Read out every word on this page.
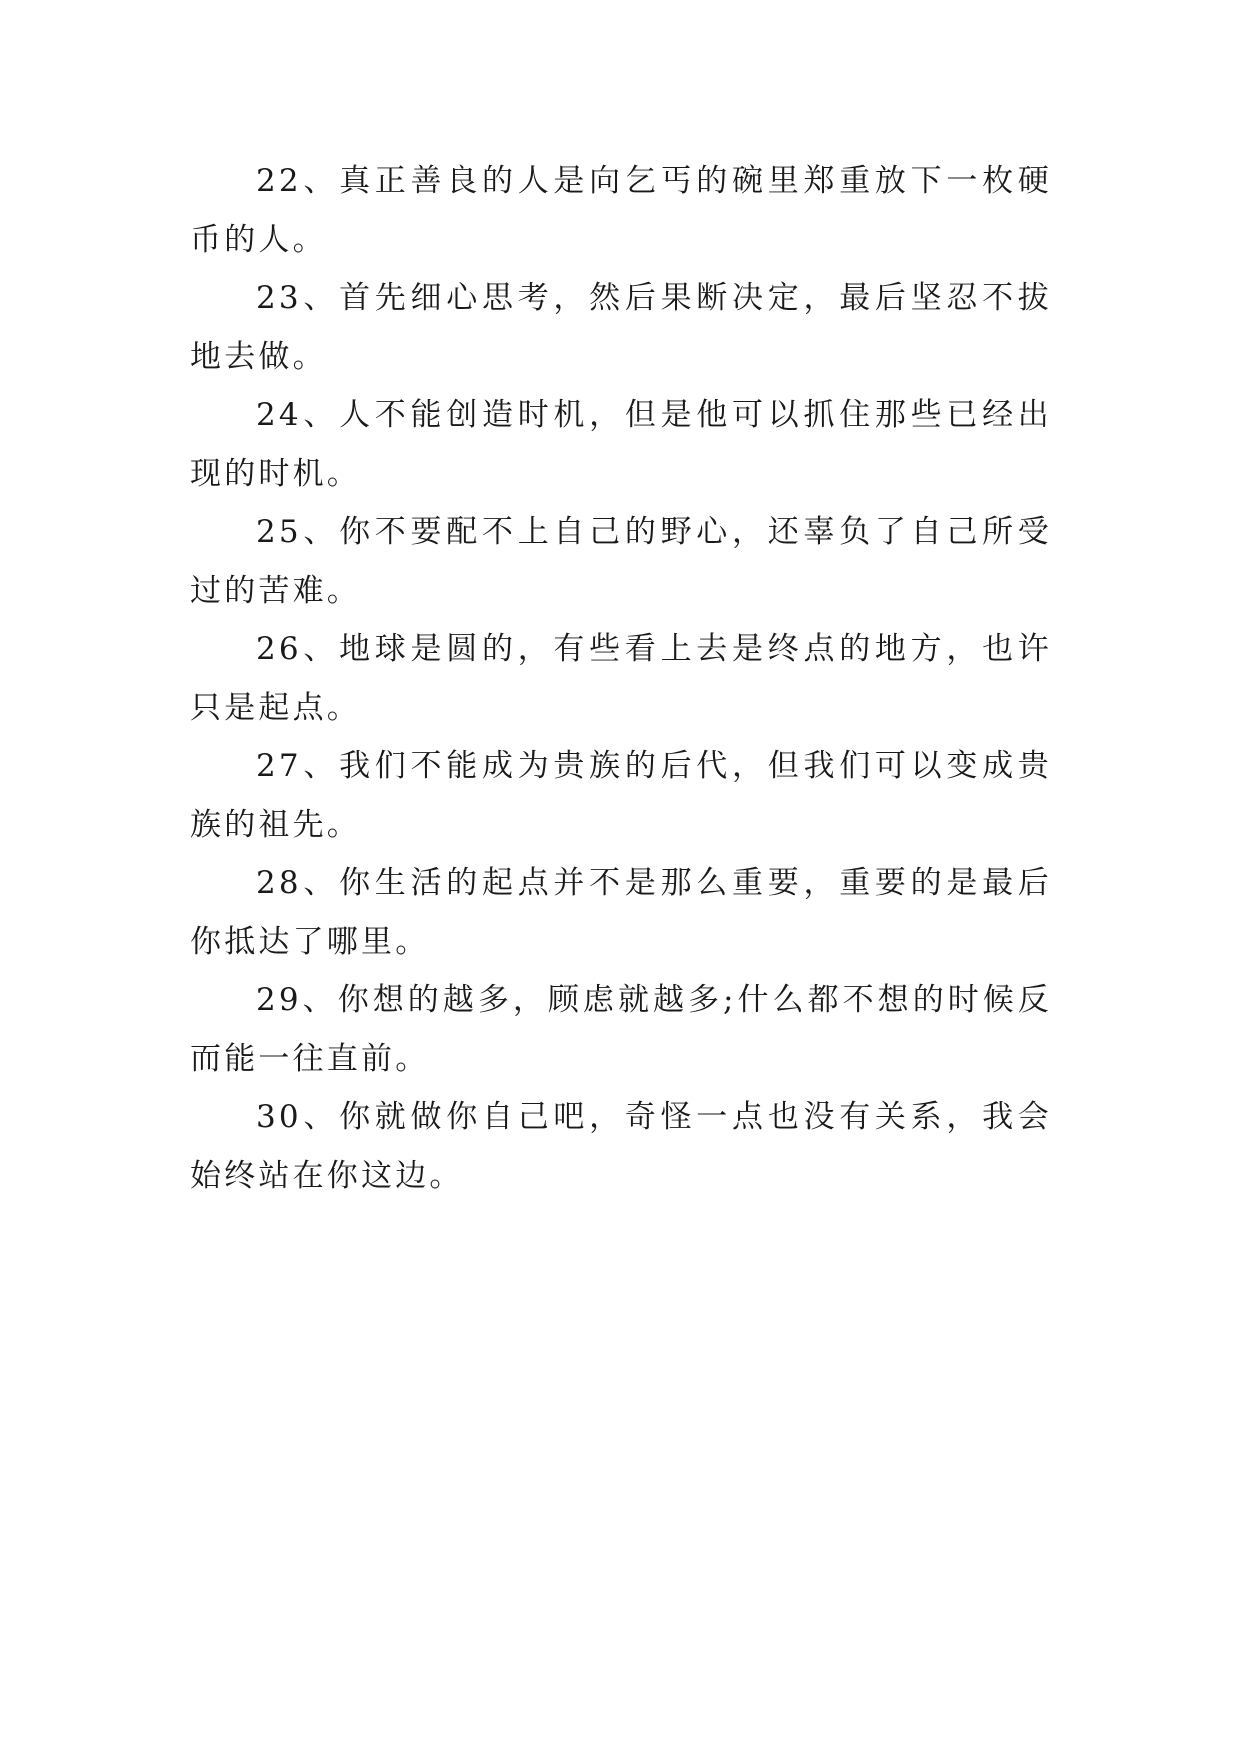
22、真正善良的人是向乞丐的碗里郑重放下一枚硬币的人。

23、首先细心思考，然后果断决定，最后坚忍不拔地去做。

24、人不能创造时机，但是他可以抓住那些已经出现的时机。

25、你不要配不上自己的野心，还辜负了自己所受过的苦难。

26、地球是圆的，有些看上去是终点的地方，也许只是起点。

27、我们不能成为贵族的后代，但我们可以变成贵族的祖先。

28、你生活的起点并不是那么重要，重要的是最后你抵达了哪里。

29、你想的越多，顾虑就越多;什么都不想的时候反而能一往直前。

30、你就做你自己吧，奇怪一点也没有关系，我会始终站在你这边。
